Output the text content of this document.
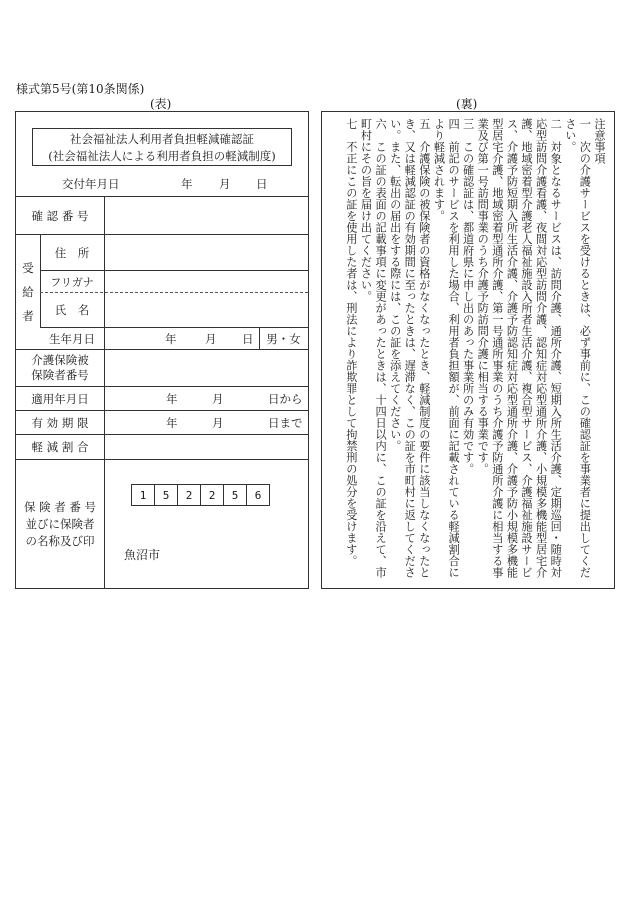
様式第5号(第10条関係)
(表)	(裏)
社会福祉法人利用者負担軽減確認証
(社会福祉法人による利用者負担の軽減制度)
交付年月日	年 月 日
確 認 番 号
受
給
者
住　所
フリガナ
氏　名
生年月日	年 月 日	男・女
介護保険被
保険者番号
適用年月日	年	月	日から
有 効 期 限	年	月	日まで
軽 減 割 合
保 険 者 番 号
並びに保険者
の名称及び印
1	5	2	2	5	6
魚沼市

注意事項

一　次の介護サービスを受けるときは、必ず事前に、この確認証を事業者に提出してください。

二　対象となるサービスは、訪問介護、通所介護、短期入所生活介護、定期巡回・随時対応型訪問介護看護、夜間対応型訪問介護、認知症対応型通所介護、小規模多機能型居宅介護、地域密着型介護老人福祉施設入所者生活介護、複合型サービス、介護福祉施設サービス、介護予防短期入所生活介護、介護予防認知症対応型通所介護、介護予防小規模多機能型居宅介護、地域密着型通所介護、第一号通所事業のうち介護予防通所介護に相当する事業及び第一号訪問事業のうち介護予防訪問介護に相当する事業です。

三　この確認証は、都道府県に申し出のあった事業所のみ有効です。

四　前記のサービスを利用した場合、利用者負担額が、前面に記載されている軽減割合により軽減されます。

五　介護保険の被保険者の資格がなくなったとき、軽減制度の要件に該当しなくなったとき、又は軽減認証の有効期間に至ったときは、遅滞なく、この証を市町村に返してください。また、転出の届出をする際には、この証を添えてください。

六　この証の表面の記載事項に変更があったときは、十四日以内に、この証を沿えて、市町村にその旨を届け出てください。

七　不正にこの証を使用した者は、刑法により詐欺罪として拘禁刑の処分を受けます。
